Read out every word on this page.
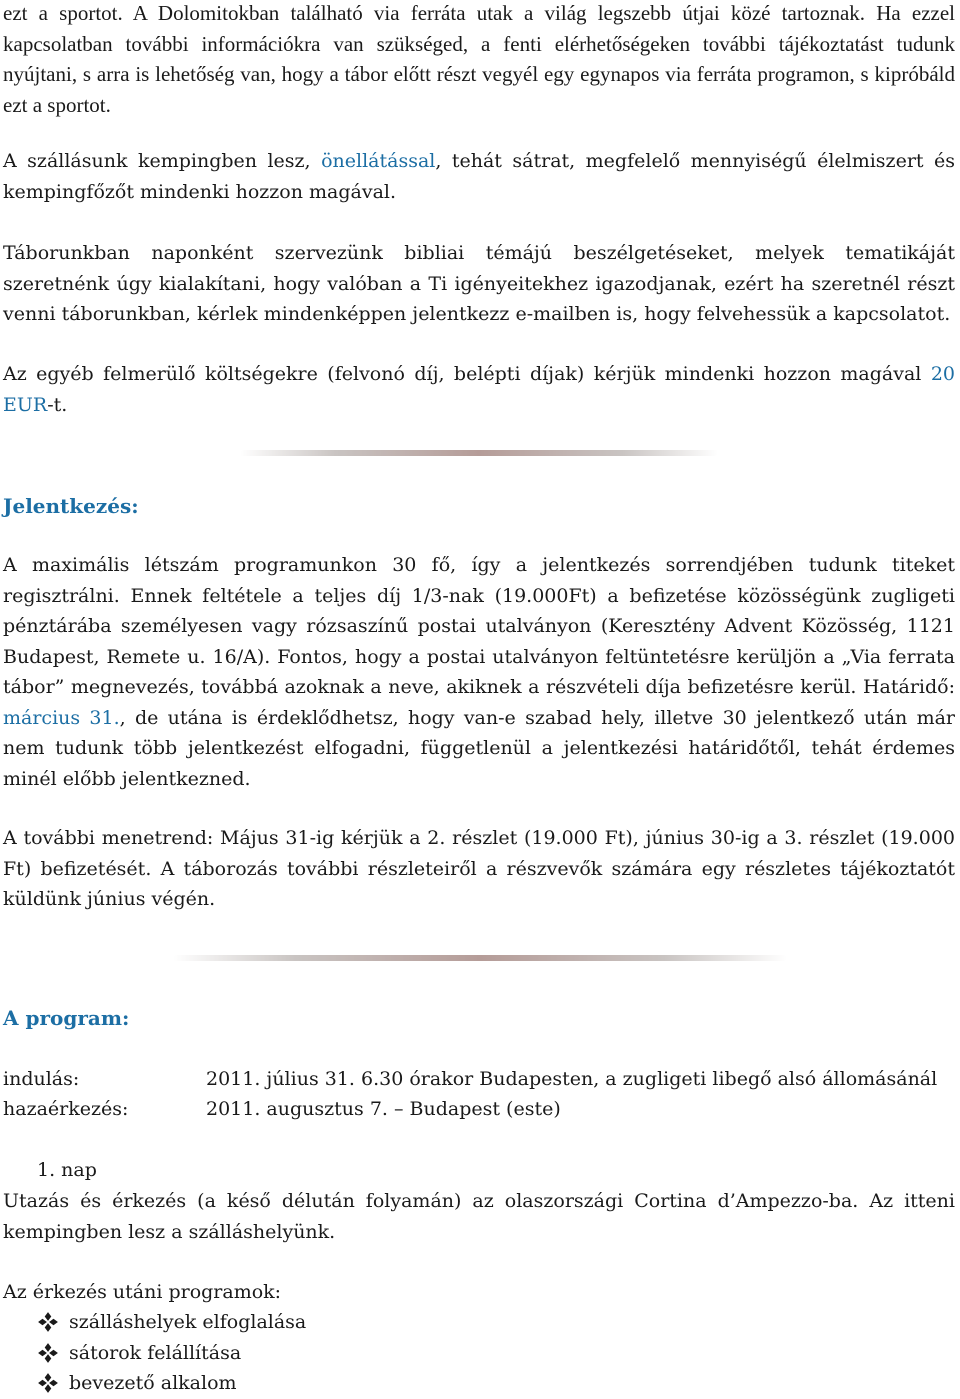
ezt a sportot. A Dolomitokban található via ferráta utak a világ legszebb útjai közé tartoznak. Ha ezzel kapcsolatban további információkra van szükséged, a fenti elérhetőségeken további tájékoztatást tudunk nyújtani, s arra is lehetőség van, hogy a tábor előtt részt vegyél egy egynapos via ferráta programon, s kipróbáld ezt a sportot.

A szállásunk kempingben lesz, önellátással, tehát sátrat, megfelelő mennyiségű élelmiszert és kempingfőzőt mindenki hozzon magával.

Táborunkban naponként szervezünk bibliai témájú beszélgetéseket, melyek tematikáját szeretnénk úgy kialakítani, hogy valóban a Ti igényeitekhez igazodjanak, ezért ha szeretnél részt venni táborunkban, kérlek mindenképpen jelentkezz e-mailben is, hogy felvehessük a kapcsolatot.

Az egyéb felmerülő költségekre (felvonó díj, belépti díjak) kérjük mindenki hozzon magával 20 EUR-t.

Jelentkezés:

A maximális létszám programunkon 30 fő, így a jelentkezés sorrendjében tudunk titeket regisztrálni. Ennek feltétele a teljes díj 1/3-nak (19.000Ft) a befizetése közösségünk zugligeti pénztárába személyesen vagy rózsaszínű postai utalványon (Keresztény Advent Közösség, 1121 Budapest, Remete u. 16/A). Fontos, hogy a postai utalványon feltüntetésre kerüljön a „Via ferrata tábor” megnevezés, továbbá azoknak a neve, akiknek a részvételi díja befizetésre kerül. Határidő: március 31., de utána is érdeklődhetsz, hogy van-e szabad hely, illetve 30 jelentkező után már nem tudunk több jelentkezést elfogadni, függetlenül a jelentkezési határidőtől, tehát érdemes minél előbb jelentkezned.

A további menetrend: Május 31-ig kérjük a 2. részlet (19.000 Ft), június 30-ig a 3. részlet (19.000 Ft) befizetését. A táborozás további részleteiről a részvevők számára egy részletes tájékoztatót küldünk június végén.

A program:
indulás:	2011. július 31. 6.30 órakor Budapesten, a zugligeti libegő alsó állomásánál
hazaérkezés:	2011. augusztus 7. – Budapest (este)
1. nap

Utazás és érkezés (a késő délután folyamán) az olaszországi Cortina d’Ampezzo-ba. Az itteni kempingben lesz a szálláshelyünk.

Az érkezés utáni programok:
szálláshelyek elfoglalása
sátorok felállítása
bevezető alkalom
